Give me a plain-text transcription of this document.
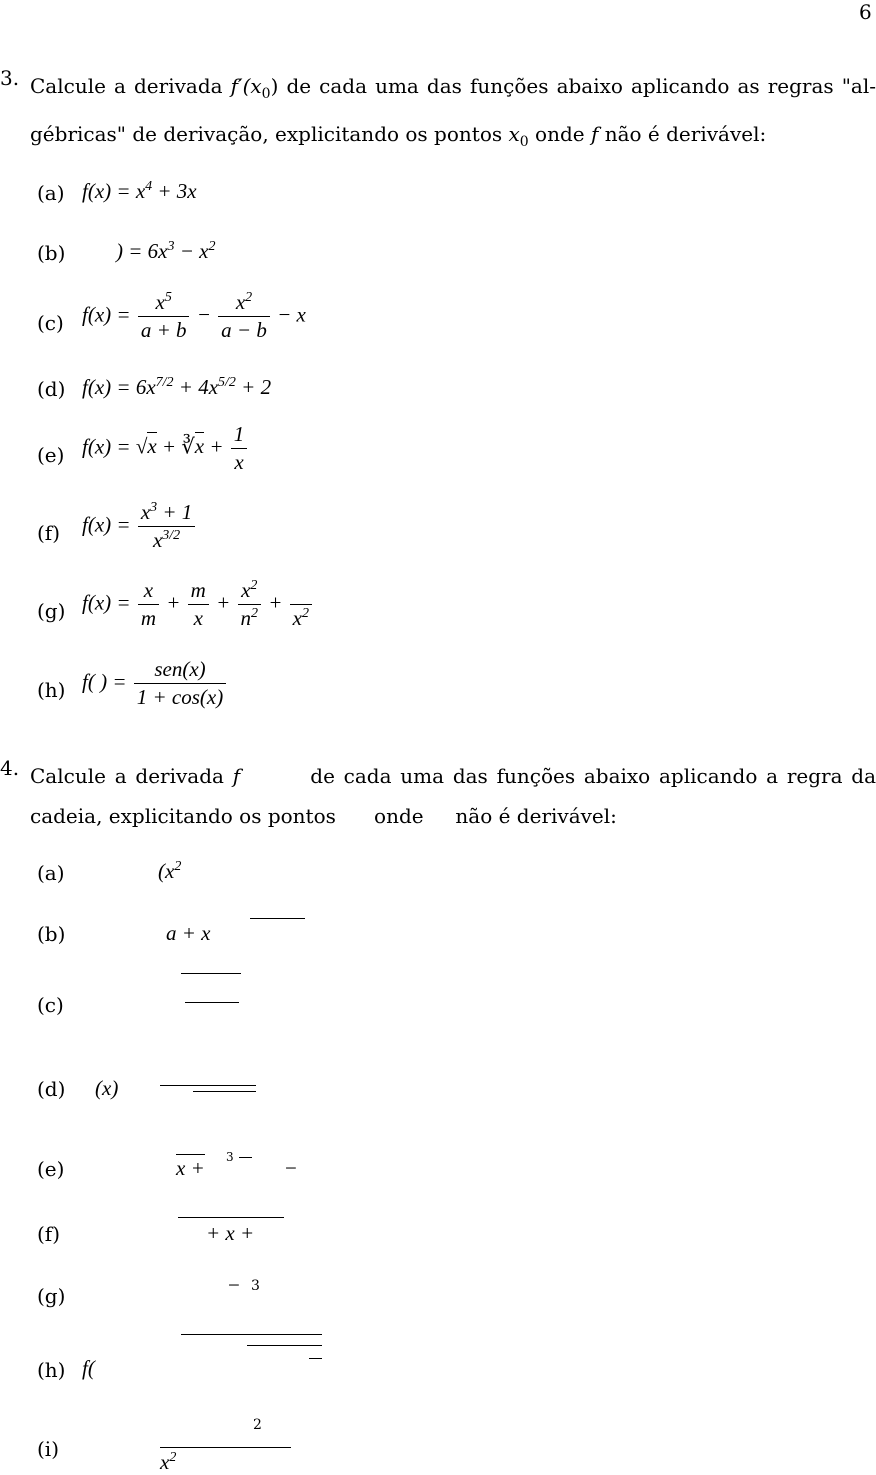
6
3. Calcule a derivada $f'(x_0)$ de cada uma das funções abaixo aplicando as regras "al-gébricas" de derivação, explicitando os pontos $x_0$ onde f não é derivável:
(a) $f(x) = x^4 + 3x$
(b) ) = $6x^3 - x^2$
(c) $f(x) = \frac{x^5}{a + b} - \frac{x^2}{a - b} - x$
(d) $f(x) = 6x^{7/2} + 4x^{5/2} + 2$
(e) f(x) = √x + ∛x + $\frac{1}{x}$
(f) $f(x) = \frac{x^3 + 1}{x^{3/2}}$
(g) $f(x) = \frac{x}{m} + \frac{m}{x} + \frac{x^2}{n^2}$ +

$x^2$
(h) f( ) = $\frac{\text{sen(x)}}{1 + \cos(x)}$
4. Calcule a derivada f	de cada uma das funções abaixo aplicando a regra da cadeia, explicitando os pontos      onde     não é derivável:
(a)	($x^2$
(b)	a + x
(c)
(d) (x)
(e)	x + 3 −
(f)	+ x +
(g)	− 3
(h) f(
(i)
2
$x^2$
